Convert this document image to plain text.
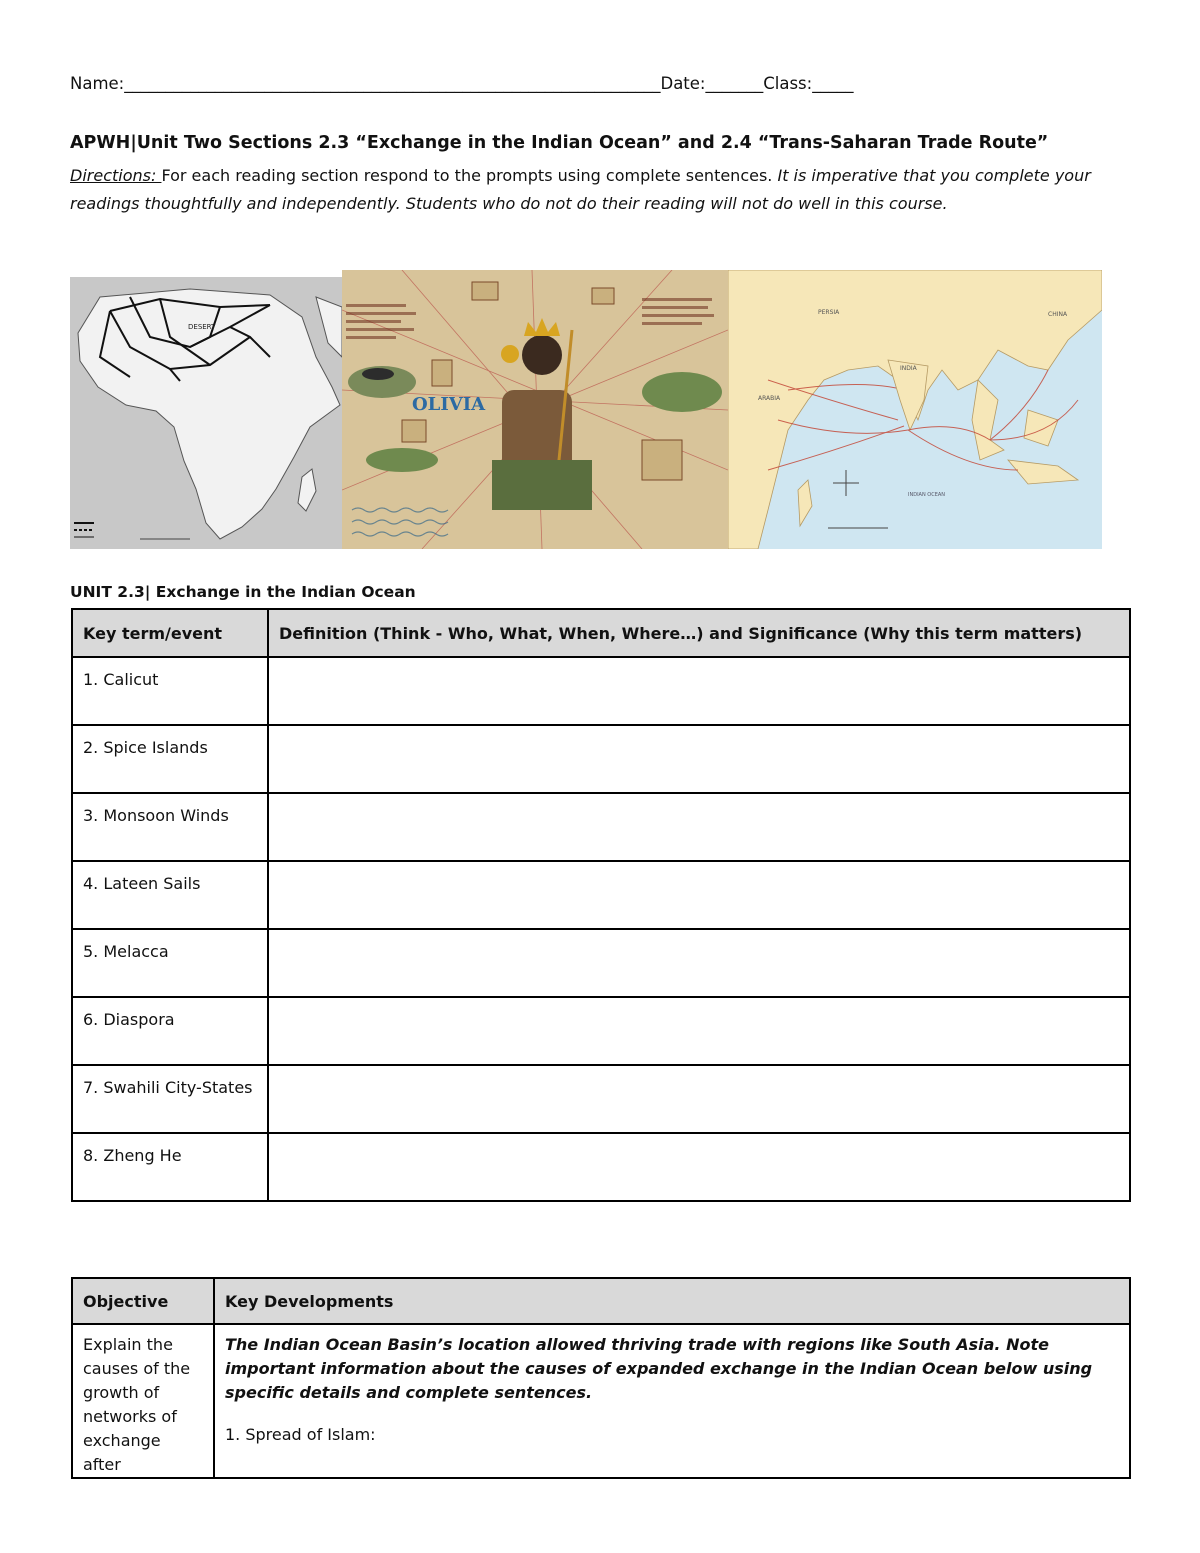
Name:_________________________________________________________________Date:_______Class:_____
APWH|Unit Two Sections 2.3 “Exchange in the Indian Ocean” and 2.4 “Trans-Saharan Trade Route”
Directions: For each reading section respond to the prompts using complete sentences. It is imperative that you complete your readings thoughtfully and independently. Students who do not do their reading will not do well in this course.
DESERT
OLIVIA
PERSIA	CHINA
INDIA
ARABIA
INDIAN OCEAN
UNIT 2.3| Exchange in the Indian Ocean
Key term/event	Definition (Think - Who, What, When, Where…) and Significance (Why this term matters)
1. Calicut	
2. Spice Islands	
3. Monsoon Winds	
4. Lateen Sails	
5. Melacca	
6. Diaspora	
7. Swahili City-States	
8. Zheng He	
Objective	Key Developments

Explain the causes of the growth of networks of exchange after	The Indian Ocean Basin’s location allowed thriving trade with regions like South Asia. Note important information about the causes of expanded exchange in the Indian Ocean below using specific details and complete sentences.
1. Spread of Islam:
